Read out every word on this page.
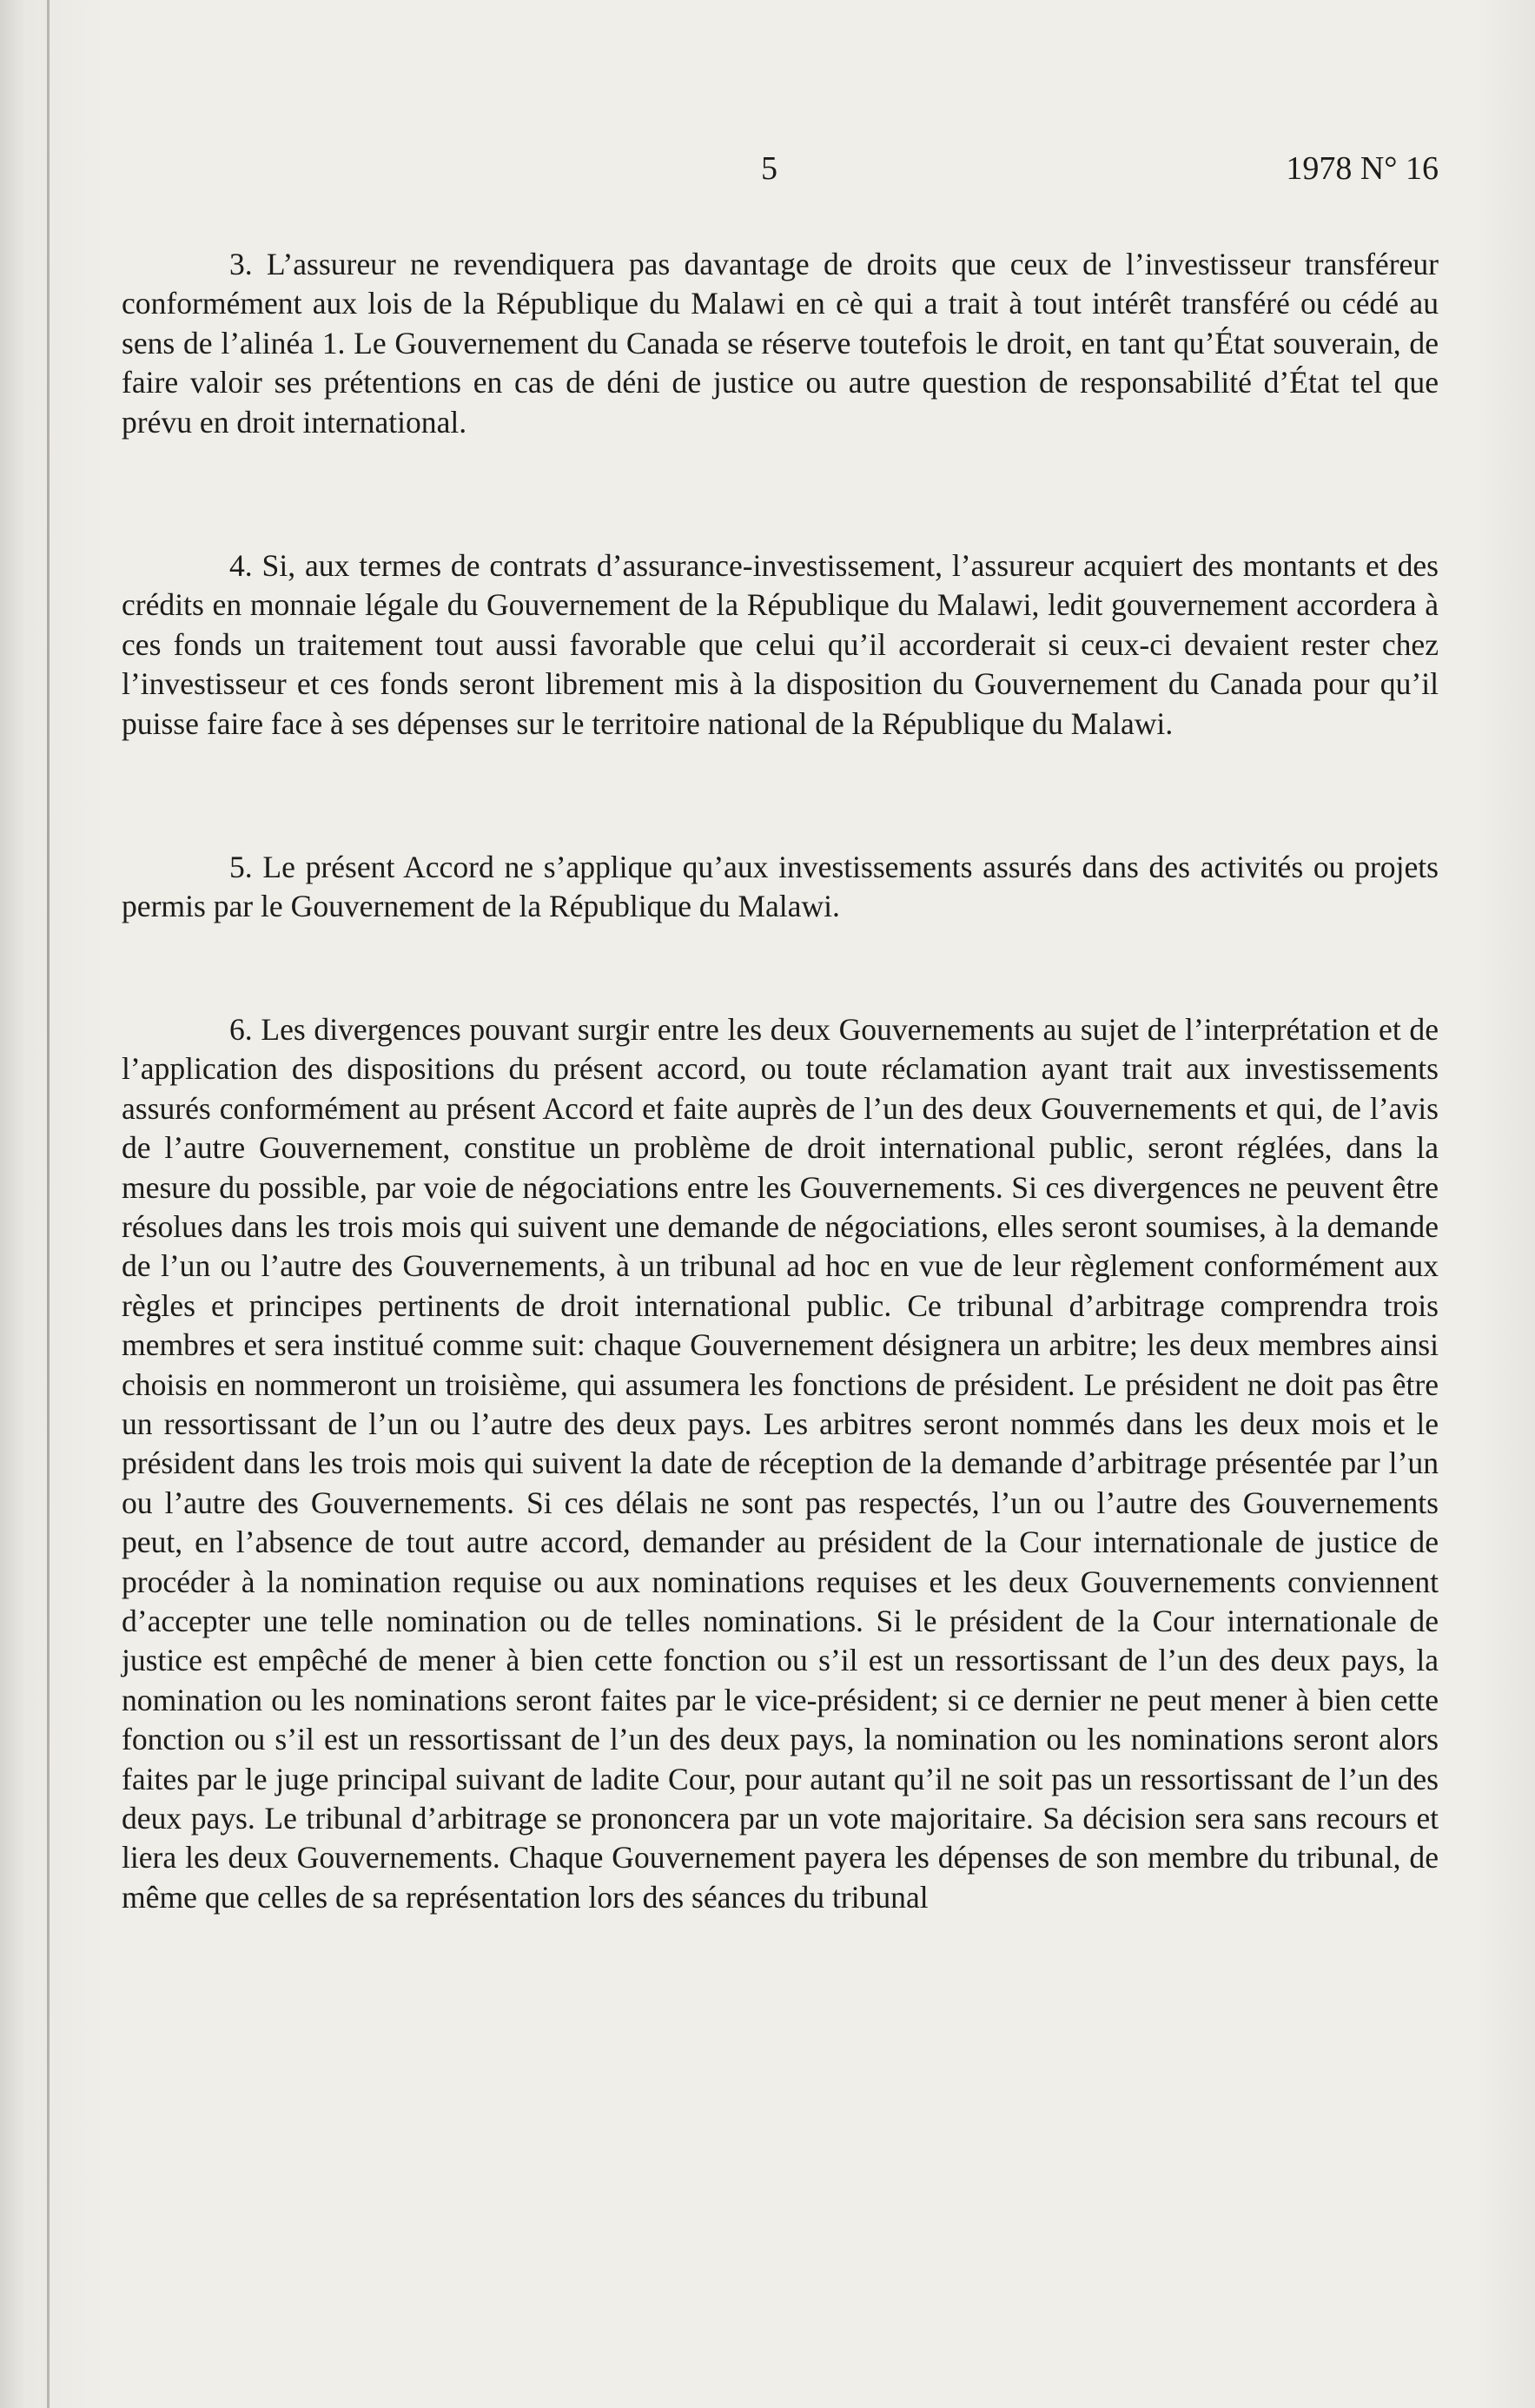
5	1978 N° 16

3. L’assureur ne revendiquera pas davantage de droits que ceux de l’investisseur transféreur conformément aux lois de la République du Malawi en cè qui a trait à tout intérêt transféré ou cédé au sens de l’alinéa 1. Le Gouvernement du Canada se réserve toutefois le droit, en tant qu’État souverain, de faire valoir ses prétentions en cas de déni de justice ou autre question de responsabilité d’État tel que prévu en droit international.

4. Si, aux termes de contrats d’assurance-investissement, l’assureur acquiert des montants et des crédits en monnaie légale du Gouvernement de la République du Malawi, ledit gouvernement accordera à ces fonds un traitement tout aussi favorable que celui qu’il accorderait si ceux-ci devaient rester chez l’investisseur et ces fonds seront librement mis à la disposition du Gouvernement du Canada pour qu’il puisse faire face à ses dépenses sur le territoire national de la République du Malawi.

5. Le présent Accord ne s’applique qu’aux investissements assurés dans des activités ou projets permis par le Gouvernement de la République du Malawi.

6. Les divergences pouvant surgir entre les deux Gouvernements au sujet de l’interprétation et de l’application des dispositions du présent accord, ou toute réclamation ayant trait aux investissements assurés conformément au présent Accord et faite auprès de l’un des deux Gouvernements et qui, de l’avis de l’autre Gouvernement, constitue un problème de droit international public, seront réglées, dans la mesure du possible, par voie de négociations entre les Gouvernements. Si ces divergences ne peuvent être résolues dans les trois mois qui suivent une demande de négociations, elles seront soumises, à la demande de l’un ou l’autre des Gouvernements, à un tribunal ad hoc en vue de leur règlement conformément aux règles et principes pertinents de droit international public. Ce tribunal d’arbitrage comprendra trois membres et sera institué comme suit: chaque Gouvernement désignera un arbitre; les deux membres ainsi choisis en nommeront un troisième, qui assumera les fonctions de président. Le président ne doit pas être un ressortissant de l’un ou l’autre des deux pays. Les arbitres seront nommés dans les deux mois et le président dans les trois mois qui suivent la date de réception de la demande d’arbitrage présentée par l’un ou l’autre des Gouvernements. Si ces délais ne sont pas respectés, l’un ou l’autre des Gouvernements peut, en l’absence de tout autre accord, demander au président de la Cour internationale de justice de procéder à la nomination requise ou aux nominations requises et les deux Gouvernements conviennent d’accepter une telle nomination ou de telles nominations. Si le président de la Cour internationale de justice est empêché de mener à bien cette fonction ou s’il est un ressortissant de l’un des deux pays, la nomination ou les nominations seront faites par le vice-président; si ce dernier ne peut mener à bien cette fonction ou s’il est un ressortissant de l’un des deux pays, la nomination ou les nominations seront alors faites par le juge principal suivant de ladite Cour, pour autant qu’il ne soit pas un ressortissant de l’un des deux pays. Le tribunal d’arbitrage se prononcera par un vote majoritaire. Sa décision sera sans recours et liera les deux Gouvernements. Chaque Gouvernement payera les dépenses de son membre du tribunal, de même que celles de sa représentation lors des séances du tribunal
